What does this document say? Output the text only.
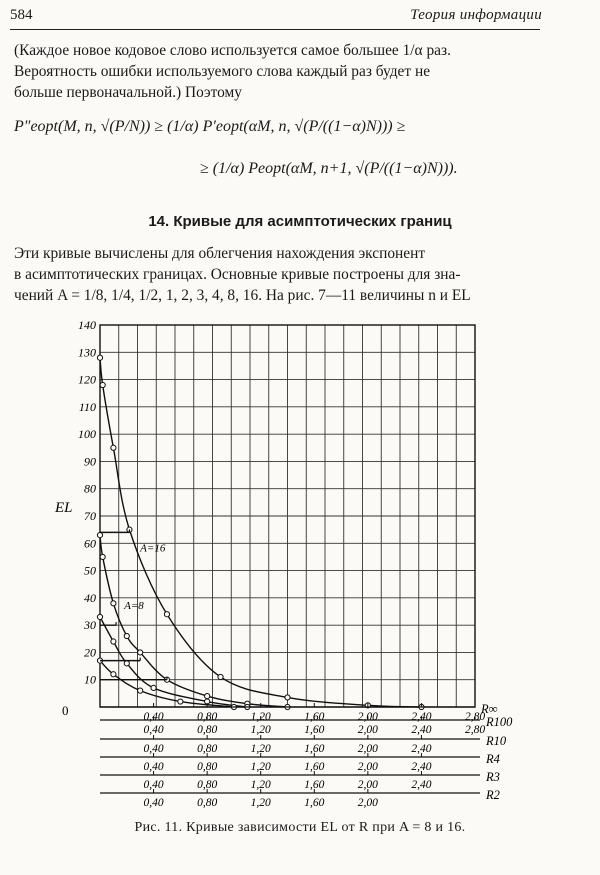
584	Теория информации
(Каждое новое кодовое слово используется самое большее 1/α раз.
Вероятность ошибки используемого слова каждый раз будет не
больше первоначальной.) Поэтому
P″eopt(M, n, √(P/N)) ≥ (1/α) P′eopt(αM, n, √(P/((1−α)N))) ≥
≥ (1/α) Peopt(αM, n+1, √(P/((1−α)N))).
14. Кривые для асимптотических границ
Эти кривые вычислены для облегчения нахождения экспонент
в асимптотических границах. Основные кривые построены для зна-
чений A = 1/8, 1/4, 1/2, 1, 2, 3, 4, 8, 16. На рис. 7—11 величины n и EL
10
20
30
40
50
60
70
80
90
100
110
120
130
140
0
EL
A=16
A=8
0,40	0,80	1,20	1,60	2,00	2,40	2,80
R∞
0,40	0,80	1,20	1,60	2,00	2,40	2,80
R100
0,40	0,80	1,20	1,60	2,00	2,40
R10
0,40	0,80	1,20	1,60	2,00	2,40
R4
0,40	0,80	1,20	1,60	2,00	2,40
R3
0,40	0,80	1,20	1,60	2,00
R2
Рис. 11. Кривые зависимости EL от R при A = 8 и 16.
